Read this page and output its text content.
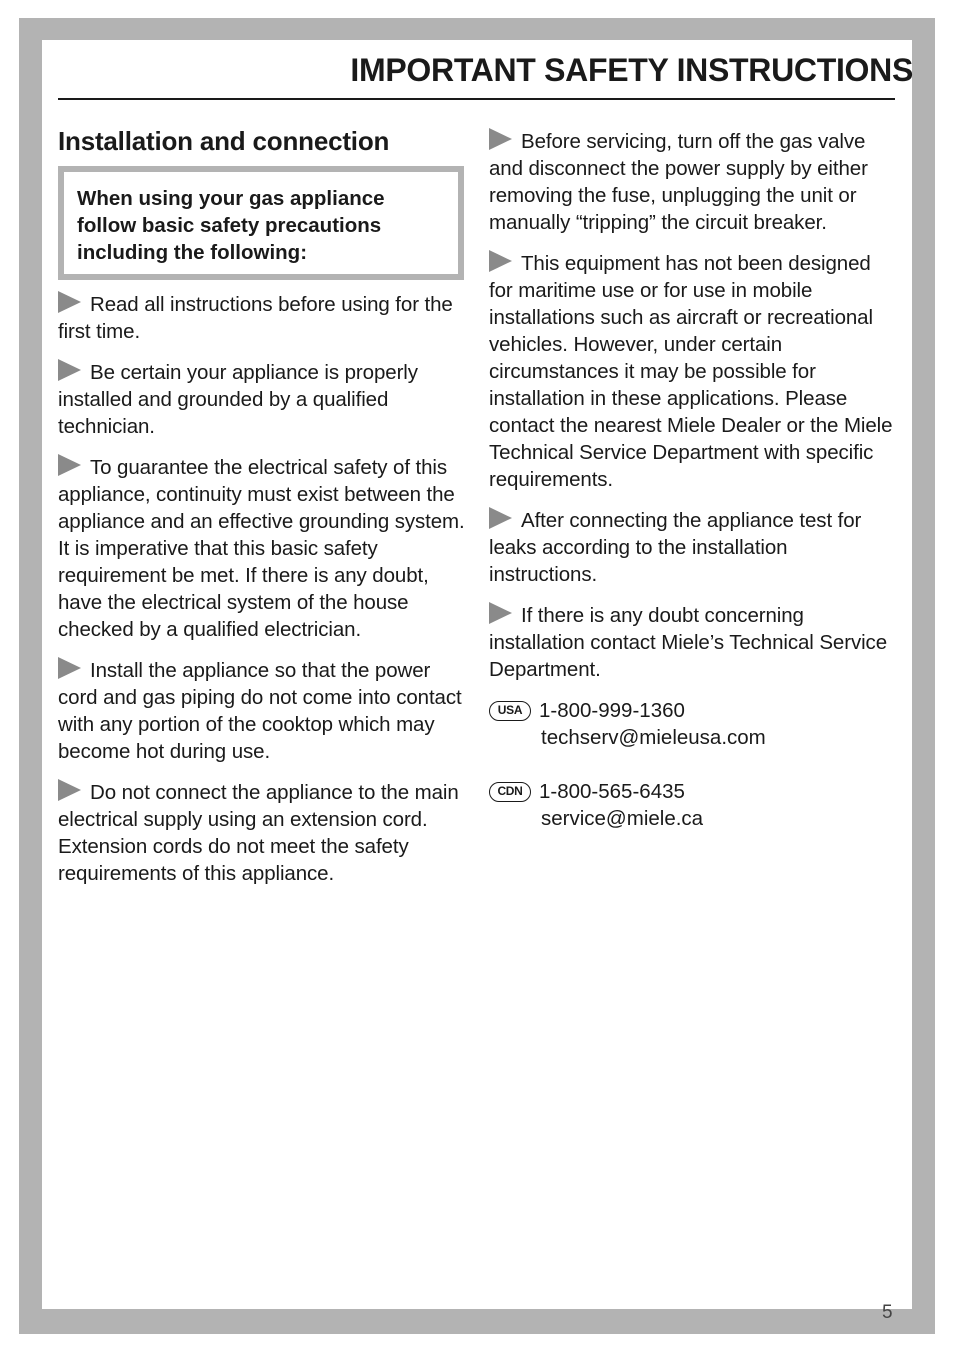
IMPORTANT SAFETY INSTRUCTIONS
Installation and connection
When using your gas appliance follow basic safety precautions including the following:

Read all instructions before using for the first time.

Be certain your appliance is properly installed and grounded by a qualified technician.

To guarantee the electrical safety of this appliance, continuity must exist between the appliance and an effective grounding system. It is imperative that this basic safety requirement be met. If there is any doubt, have the electrical system of the house checked by a qualified electrician.

Install the appliance so that the power cord and gas piping do not come into contact with any portion of the cooktop which may become hot during use.

Do not connect the appliance to the main electrical supply using an extension cord. Extension cords do not meet the safety requirements of this appliance.

Before servicing, turn off the gas valve and disconnect the power supply by either removing the fuse, unplugging the unit or manually “tripping” the circuit breaker.

This equipment has not been designed for maritime use or for use in mobile installations such as aircraft or recreational vehicles. However, under certain circumstances it may be possible for installation in these applications. Please contact the nearest Miele Dealer or the Miele Technical Service Department with specific requirements.

After connecting the appliance test for leaks according to the installation instructions.

If there is any doubt concerning installation contact Miele’s Technical Service Department.

USA 1-800-999-1360
techserv@mieleusa.com
CDN 1-800-565-6435
service@miele.ca
5
